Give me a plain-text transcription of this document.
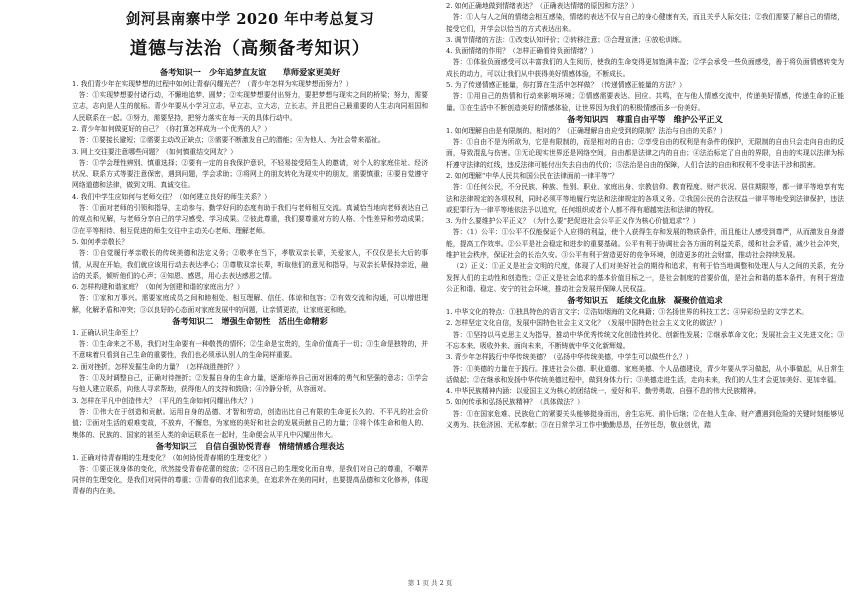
剑河县南寨中学 2020 年中考总复习
道德与法治（高频备考知识）
备考知识一　少年追梦直友谊　　草师爱家更美好
1. 我们青少年在实现梦想的过程中如何让青春闪耀光芒？（青少年怎样为实现梦想而努力？）
答：①实现梦想要付诸行动，不懈地追梦、圆梦；②实现梦想要付出努力，要把梦想与现实之间的桥梁；努力，需要立志，志向是人生的航标。青少年要从小学习立志，早立志，立大志，立长志，并且把自己最重要的人生志向同祖国和人民联系在一起。③努力，需要坚持，把努力落实在每一天的具体行动中。
2. 青少年如何做更好的自己？（你打算怎样成为一个优秀的人？）
答：①要接长避短；②需要主动改正缺点；③需要不断激发自己的潜能；④为他人、为社会带来福祉。
3. 网上交往要注意哪些问题？（如何慎重结交网友？）
答：①学会理性辨别、慎重选择；②要有一定的自我保护意识，不轻易接受陌生人的邀请，对个人的家庭住址、经济状况、联系方式等要注意保密，遇到问题，学会求助；③将网上的朋友转化为现实中的朋友，需要慎重；④要自觉遵守网络道德和法律，做到文明、真诚交往。
4. 我们中学生应如何与老师交往？（如何建立良好的师生关系？）
答：①面对老师的引领和指导，主动参与、勤学好问的态度有助于我们与老师相互交流。真诚恰当地向老师表达自己的观点和见解，与老师分享自己的学习感受、学习成果。②彼此尊重，我们要尊重对方的人格、个性差异和劳动成果；③在平等相待、相互促进的师生交往中主动关心老师、理解老师。
5. 如何孝亲敬长？
答：①自觉履行孝亲敬长的传统美德和法定义务；②敬孝在当下，孝敬双亲长辈，关爱家人，不仅仅是长大后的事情，从现在开始，我们就应该用行动去表达孝心；③尊敬双亲长辈，听取他们的意见和指导，与双亲长辈保持亲近，融洽的关系，倾听他们的心声；④知恩、感恩，用心去表达感恩之情。
6. 怎样构建和谐家庭？（如何为创建和谐的家庭出力？）
答：①家和万事兴。需要家庭成员之间和睦相处、相互理解、信任、体谅和包容；②有效交流和沟通，可以增进理解，化解矛盾和冲突；③以良好的心态面对家庭发展中的问题，让亲情更浓，让家庭更和睦。
备考知识二　增强生命韧性　活出生命精彩
1. 正确认识生命至上？
答：①生命来之不易，我们对生命要有一种敬畏的情怀；②生命是宝贵的，生命价值高于一切；③生命是独特的，并不意味着只看到自己生命的重要性，我们也必须承认别人的生命同样重要。
2. 面对挫折，怎样发掘生命的力量？（怎样战胜挫折？）
答：①及时调整自己，正确对待挫折；②发掘自身的生命力量，逐渐培养自己面对困难的勇气和坚强的意志；③学会与他人建立联系，向他人寻求帮助，获得他人的支持和鼓励；④冷静分析，从容面对。
3. 怎样在平凡中创造伟大？（平凡的生命如何闪耀出伟大？）
答：①伟大在于创造和贡献。运用自身的品德、才智和劳动，创造出比自己有限的生命更长久的、不平凡的社会价值；②面对生活的艰难变故，不放弃，不懈怠，为家庭的美好和社会的发展贡献自己的力量；③将个体生命和他人的、集体的、民族的、国家的甚至人类的命运联系在一起时，生命便会从平凡中闪耀出伟大。
备考知识三　自信自强协悦青春　情绪情感合理表达
1. 正确对待青春期的生理变化？（如何协悦青春期的生理变化？）
答：①要正视身体的变化，欣然接受青春花蕾的绽放；②不因自己的生理变化而自卑，是我们对自己的尊重，不嘲弄同伴的生理变化，是我们对同伴的尊重；③青春的我们追求美，在追求外在美的同时，也要提高品德和文化修养，体现青春的内在美。
2. 如何正确地做到情绪表达？（正确表达情绪的原因和方法？）
答：①人与人之间的情绪会相互感染，情绪的表达不仅与自己的身心健康有关，而且关乎人际交往；②我们需要了解自己的情绪，接受它们，并学会以恰当的方式表达出来。
3. 调节情绪的方法：①改变认知评价；②转移注意；③合理宣泄；④放松训练。
4. 负面情绪的作用？（怎样正确看待负面情绪？）
答：①体验负面感受可以丰富我们的人生阅历，使我的生命变得更加饱满丰盈；②学会承受一些负面感受，善于将负面情感转变为成长的动力，可以让我们从中获得美好情感体验，不断成长。
5. 为了传递情感正能量，你打算在生活中怎样做？（传递情感正能量的方法？）
答：①用自己的热情和行动来影响环境；②情感需要表达、回应、共鸣，在与他人情感交流中，传递美好情感，传递生命的正能量。③在生活中不断创造美好的情感体验，让世界因为我们的积极情感而多一份美好。
备考知识四　尊重自由平等　维护公平正义
1. 如何理解自由是有限制的、相对的？（正确理解自由应受到的限制？法治与自由的关系？）
答：①自由不是为所欲为，它是有限制的，而是相对的自由；②享受自由的权利是有条件的保护，无限制的自由只会走向自由的反面，导致混乱与伤害。③无论现实世界还是网络空间，自由都是法律之内的自由；④法治标定了自由的界限，自由的实现以法律为标杆遵守法律的红线，违反法律可能付出失去自由的代价；⑤法治是自由的保障，人们合法的自由和权利不受非法干涉和损害。
2. 如何理解“中华人民共和国公民在法律面前一律平等”？
答：①任何公民，不分民族、种族、性别、职业、家庭出身、宗教信仰、教育程度、财产状况、居住期限等，都一律平等地享有宪法和法律规定的各项权利，同时必须平等地履行宪法和法律规定的各项义务。②我国公民的合法权益一律平等地受到法律保护，违法或犯罪行为一律平等地依法予以追究，任何组织或者个人都不得有超越宪法和法律的特权。
3. 为什么要维护公平正义？（为什么要“把促进社会公平正义作为核心价值追求”？）
答：（1）公平：①公平不仅能保证个人应得的利益，使个人获得生存和发展的物质条件，而且能让人感受到尊严，从而激发自身潜能，提高工作效率。②公平是社会稳定和进步的重要基础。公平有利于协调社会各方面的利益关系，缓和社会矛盾，减少社会冲突，维护社会秩序，保证社会的长治久安。③公平有利于营造更好的竞争环境，创造更多的社会财富，推动社会持续发展。
（2）正义：①正义是社会文明的尺度，体现了人们对美好社会的期待和追求，有利于恰当地调整和处理人与人之间的关系，充分发挥人们的主动性和创造性；②正义是社会追求的基本价值目标之一，是社会制度的首要价值，是社会和谐的基本条件，有利于营造公正和谐、稳定、安宁的社会环境，推动社会发展并保障人民权益。
备考知识五　延续文化血脉　凝聚价值追求
1. 中华文化的特点：①独具特色的语言文字；②浩如烟海的文化典籍；③名扬世界的科技工艺；④异彩纷呈的文学艺术。
2. 怎样坚定文化自信，发展中国特色社会主义文化？（发展中国特色社会主义文化的做法？）
答：①坚持以马克思主义为指导，推动中华优秀传统文化创造性转化、创新性发展；②继承革命文化；发展社会主义先进文化；③不忘本来、吸收外来、面向未来，不断铸就中华文化新辉煌。
3. 青少年怎样践行中华传统美德？（弘扬中华传统美德，中学生可以做些什么？）
答：①美德的力量在于践行。推进社会公德、职业道德、家庭美德、个人品德建设，青少年要从学习做起，从小事做起，从日常生活做起；②在继承和发扬中华传统美德过程中，做到身体力行；③美德走进生活，走向未来，我们的人生才会更加美好、更加幸福。
4. 中华民族精神内涵：以爱国主义为核心的团结统一、爱好和平、勤劳勇敢、自强不息的伟大民族精神。
5. 如何传承和弘扬民族精神？（具体做法？）
答：①在国家危难、民族危亡的紧要关头能够挺身而出，舍生忘死、前仆后继；②在他人生命、财产遭遇到危险的关键时刻能够见义勇为、扶危济困、无私奉献；③在日常学习工作中勤勤恳恳，任劳任怨，敬业创优，踏
第 1 页 共 2 页
